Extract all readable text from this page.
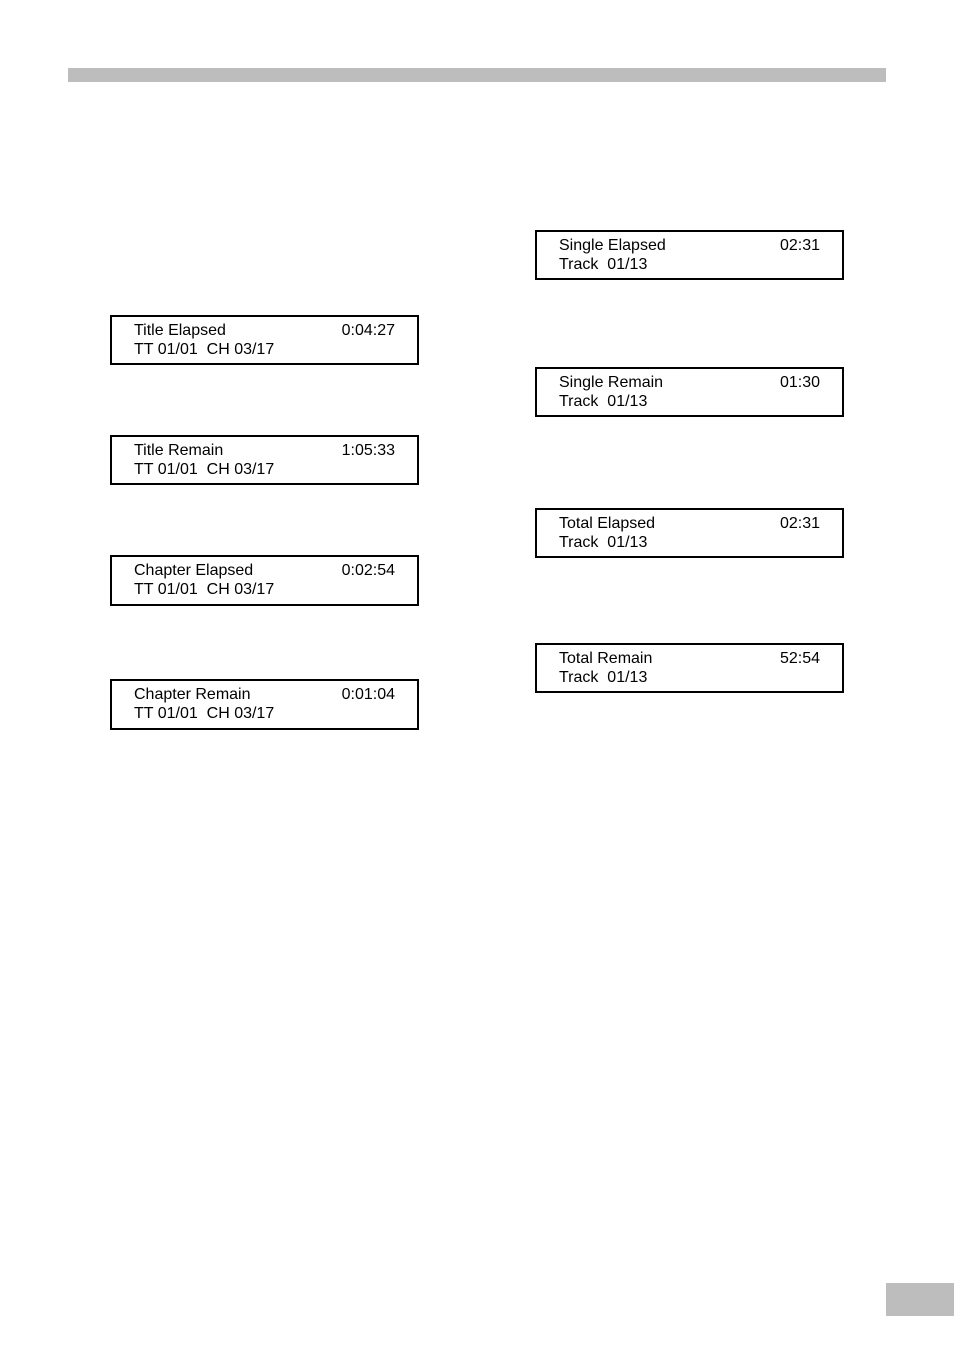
Title Elapsed	0:04:27
TT 01/01  CH 03/17
Title Remain	1:05:33
TT 01/01  CH 03/17
Chapter Elapsed	0:02:54
TT 01/01  CH 03/17
Chapter Remain	0:01:04
TT 01/01  CH 03/17
Single Elapsed	02:31
Track  01/13
Single Remain	01:30
Track  01/13
Total Elapsed	02:31
Track  01/13
Total Remain	52:54
Track  01/13
